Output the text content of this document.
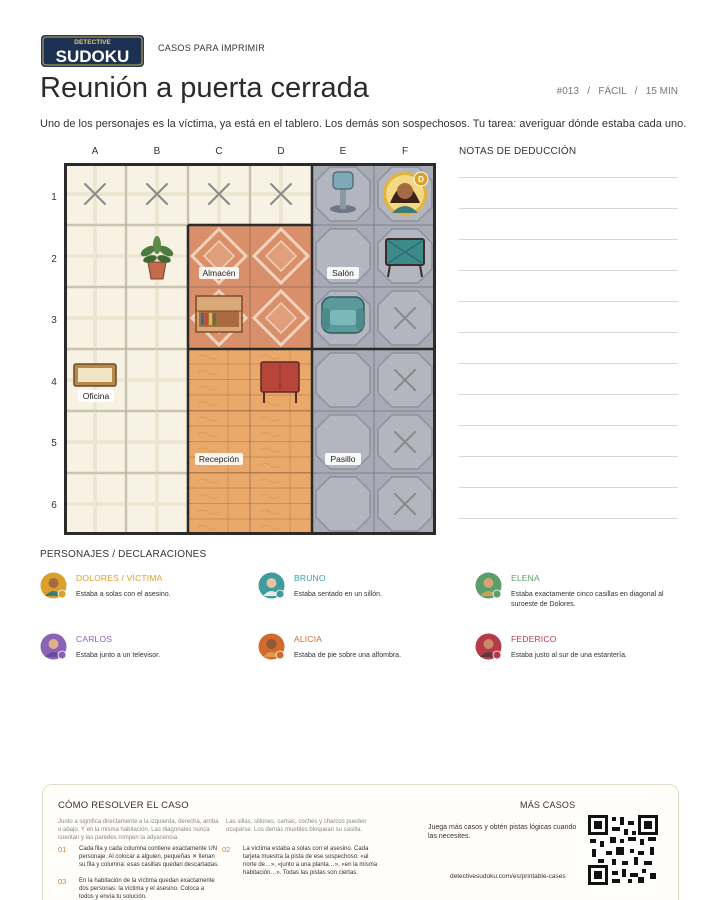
DETECTIVE
SUDOKU	CASOS PARA IMPRIMIR
Reunión a puerta cerrada	#013   /   FÁCIL   /   15 MIN

Uno de los personajes es la víctima, ya está en el tablero. Los demás son sospechosos. Tu tarea: averiguar dónde estaba cada uno.

A	B	C	D	E	F
1
2
3
4
5
6
D
Oficina
Almacén	Salón
Recepción	Pasillo
NOTAS DE DEDUCCIÓN
PERSONAJES / DECLARACIONES
DOLORES / VÍCTIMA
Estaba a solas con el asesino.
BRUNO
Estaba sentado en un sillón.
ELENA
Estaba exactamente cinco casillas en diagonal al suroeste de Dolores.
CARLOS
Estaba junto a un televisor.
ALICIA
Estaba de pie sobre una alfombra.
FEDERICO
Estaba justo al sur de una estantería.
CÓMO RESOLVER EL CASO
Junto a significa directamente a la izquierda, derecha, arriba o abajo. Y en la misma habitación. Las diagonales nunca cuentan y las paredes rompen la adyacencia.
Las sillas, sillones, camas, coches y charcos pueden ocuparse. Los demás muebles bloquean su casilla.
01 Cada fila y cada columna contiene exactamente UN personaje. Al colocar a alguien, pequeñas ✕ llenan su fila y columna: esas casillas quedan descartadas.
02 La víctima estaba a solas con el asesino. Cada tarjeta muestra la pista de ese sospechoso: «al norte de…», «junto a una planta…», «en la misma habitación…». Todas las pistas son ciertas.
03 En la habitación de la víctima quedan exactamente dos personas: la víctima y el asesino. Coloca a todos y envía tu solución.
MÁS CASOS
Juega más casos y obtén pistas lógicas cuando las necesites.
detectivesudoku.com/es/printable-cases
